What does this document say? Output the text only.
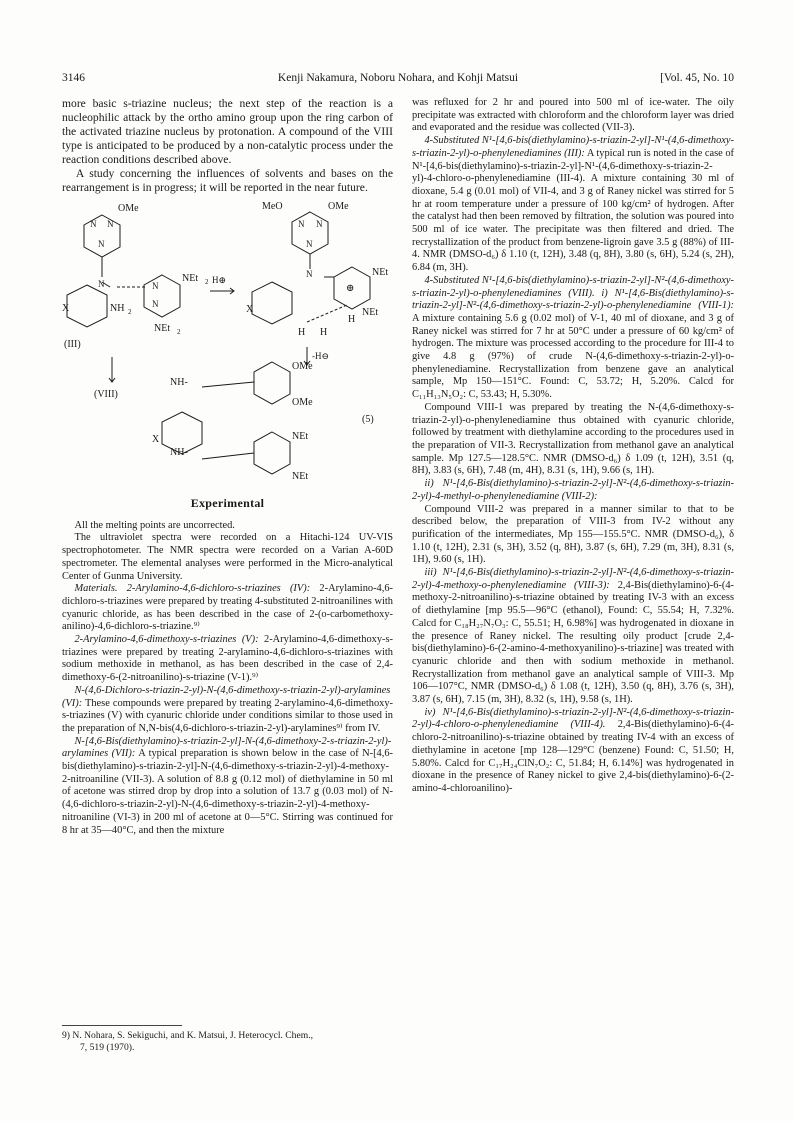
3146	Kenji Nakamura, Noboru Nohara, and Kohji Matsui	[Vol. 45, No. 10

more basic s-triazine nucleus; the next step of the reaction is a nucleophilic attack by the ortho amino group upon the ring carbon of the activated triazine nucleus by protonation. A compound of the VIII type is anticipated to be produced by a non-catalytic process under the reaction conditions described above.

A study concerning the influences of solvents and bases on the rearrangement is in progress; it will be reported in the near future.

OMe
N N
N
N	N
N
NEt 2 H⊕
X	NH 2
NEt 2
(III)
(VIII)
MeO	OMe
N N
N
N
⊕
NEt
NEt
H
H H
X
-H⊖
NH-
NH-
OMe
OMe
NEt
NEt
X
(5)
Experimental

All the melting points are uncorrected.

The ultraviolet spectra were recorded on a Hitachi-124 UV-VIS spectrophotometer. The NMR spectra were recorded on a Varian A-60D spectrometer. The elemental analyses were performed in the Micro-analytical Center of Gunma University.

Materials. 2-Arylamino-4,6-dichloro-s-triazines (IV): 2-Arylamino-4,6-dichloro-s-triazines were prepared by treating 4-substituted 2-nitroanilines with cyanuric chloride, as has been described in the case of 2-(o-carbomethoxy-anilino)-4,6-dichloro-s-triazine.⁹⁾

2-Arylamino-4,6-dimethoxy-s-triazines (V): 2-Arylamino-4,6-dimethoxy-s-triazines were prepared by treating 2-arylamino-4,6-dichloro-s-triazines with sodium methoxide in methanol, as has been described in the case of 2,4-dimethoxy-6-(2-nitroanilino)-s-triazine (V-1).⁹⁾

N-(4,6-Dichloro-s-triazin-2-yl)-N-(4,6-dimethoxy-s-triazin-2-yl)-arylamines (VI): These compounds were prepared by treating 2-arylamino-4,6-dimethoxy-s-triazines (V) with cyanuric chloride under conditions similar to those used in the preparation of N,N-bis(4,6-dichloro-s-triazin-2-yl)-arylamines⁹⁾ from IV.

N-[4,6-Bis(diethylamino)-s-triazin-2-yl]-N-(4,6-dimethoxy-2-s-triazin-2-yl)-arylamines (VII): A typical preparation is shown below in the case of N-[4,6-bis(diethylamino)-s-triazin-2-yl]-N-(4,6-dimethoxy-s-triazin-2-yl)-4-methoxy-2-nitroaniline (VII-3). A solution of 8.8 g (0.12 mol) of diethylamine in 50 ml of acetone was stirred drop by drop into a solution of 13.7 g (0.03 mol) of N-(4,6-dichloro-s-triazin-2-yl)-N-(4,6-dimethoxy-s-triazin-2-yl)-4-methoxy-nitroaniline (VI-3) in 200 ml of acetone at 0—5°C. Stirring was continued for 8 hr at 35—40°C, and then the mixture

was refluxed for 2 hr and poured into 500 ml of ice-water. The oily precipitate was extracted with chloroform and the chloroform layer was dried and evaporated and the residue was collected (VII-3).

4-Substituted N¹-[4,6-bis(diethylamino)-s-triazin-2-yl]-N¹-(4,6-dimethoxy-s-triazin-2-yl)-o-phenylenediamines (III): A typical run is noted in the case of N¹-[4,6-bis(diethylamino)-s-triazin-2-yl]-N¹-(4,6-dimethoxy-s-triazin-2-yl)-4-chloro-o-phenylenediamine (III-4). A mixture containing 30 ml of dioxane, 5.4 g (0.01 mol) of VII-4, and 3 g of Raney nickel was stirred for 5 hr at room temperature under a pressure of 100 kg/cm² of hydrogen. After the catalyst had then been removed by filtration, the solution was poured into 500 ml of ice water. The precipitate was then filtered and dried. The recrystallization of the product from benzene-ligroin gave 3.5 g (88%) of III-4. NMR (DMSO-d₆) δ 1.10 (t, 12H), 3.48 (q, 8H), 3.80 (s, 6H), 5.24 (s, 2H), 6.84 (m, 3H).

4-Substituted N¹-[4,6-bis(diethylamino)-s-triazin-2-yl]-N²-(4,6-dimethoxy-s-triazin-2-yl)-o-phenylenediamines (VIII). i) N¹-[4,6-Bis(diethylamino)-s-triazin-2-yl]-N²-(4,6-dimethoxy-s-triazin-2-yl)-o-phenylenediamine (VIII-1): A mixture containing 5.6 g (0.02 mol) of V-1, 40 ml of dioxane, and 3 g of Raney nickel was stirred for 7 hr at 50°C under a pressure of 60 kg/cm² of hydrogen. The mixture was processed according to the procedure for III-4 to give 4.8 g (97%) of crude N-(4,6-dimethoxy-s-triazin-2-yl)-o-phenylenediamine. Recrystallization from benzene gave an analytical sample, Mp 150—151°C. Found: C, 53.72; H, 5.20%. Calcd for C₁₁H₁₃N₅O₂: C, 53.43; H, 5.30%.

Compound VIII-1 was prepared by treating the N-(4,6-dimethoxy-s-triazin-2-yl)-o-phenylenediamine thus obtained with cyanuric chloride, followed by treatment with diethylamine according to the procedures used in the preparation of VII-3. Recrystallization from methanol gave an analytical sample. Mp 127.5—128.5°C. NMR (DMSO-d₆) δ 1.09 (t, 12H), 3.51 (q, 8H), 3.83 (s, 6H), 7.48 (m, 4H), 8.31 (s, 1H), 9.66 (s, 1H).

ii) N¹-[4,6-Bis(diethylamino)-s-triazin-2-yl]-N²-(4,6-dimethoxy-s-triazin-2-yl)-4-methyl-o-phenylenediamine (VIII-2):

Compound VIII-2 was prepared in a manner similar to that to be described below, the preparation of VIII-3 from IV-2 without any purification of the intermediates, Mp 155—155.5°C. NMR (DMSO-d₆), δ 1.10 (t, 12H), 2.31 (s, 3H), 3.52 (q, 8H), 3.87 (s, 6H), 7.29 (m, 3H), 8.31 (s, 1H), 9.60 (s, 1H).

iii) N¹-[4,6-Bis(diethylamino)-s-triazin-2-yl]-N²-(4,6-dimethoxy-s-triazin-2-yl)-4-methoxy-o-phenylenediamine (VIII-3): 2,4-Bis(diethylamino)-6-(4-methoxy-2-nitroanilino)-s-triazine obtained by treating IV-3 with an excess of diethylamine [mp 95.5—96°C (ethanol), Found: C, 55.54; H, 7.32%. Calcd for C₁₈H₂₇N₇O₃: C, 55.51; H, 6.98%] was hydrogenated in dioxane in the presence of Raney nickel. The resulting oily product [crude 2,4-bis(diethylamino)-6-(2-amino-4-methoxyanilino)-s-triazine] was treated with cyanuric chloride and then with sodium methoxide in methanol. Recrystallization from methanol gave an analytical sample of VIII-3. Mp 106—107°C, NMR (DMSO-d₆) δ 1.08 (t, 12H), 3.50 (q, 8H), 3.76 (s, 3H), 3.87 (s, 6H), 7.15 (m, 3H), 8.32 (s, 1H), 9.58 (s, 1H).

iv) N¹-[4,6-Bis(diethylamino)-s-triazin-2-yl]-N²-(4,6-dimethoxy-s-triazin-2-yl)-4-chloro-o-phenylenediamine (VIII-4). 2,4-Bis(diethylamino)-6-(4-chloro-2-nitroanilino)-s-triazine obtained by treating IV-4 with an excess of diethylamine in acetone [mp 128—129°C (benzene) Found: C, 51.50; H, 5.80%. Calcd for C₁₇H₂₄ClN₇O₂: C, 51.84; H, 6.14%] was hydrogenated in dioxane in the presence of Raney nickel to give 2,4-bis(diethylamino)-6-(2-amino-4-chloroanilino)-

9) N. Nohara, S. Sekiguchi, and K. Matsui, J. Heterocycl. Chem.,
7, 519 (1970).
